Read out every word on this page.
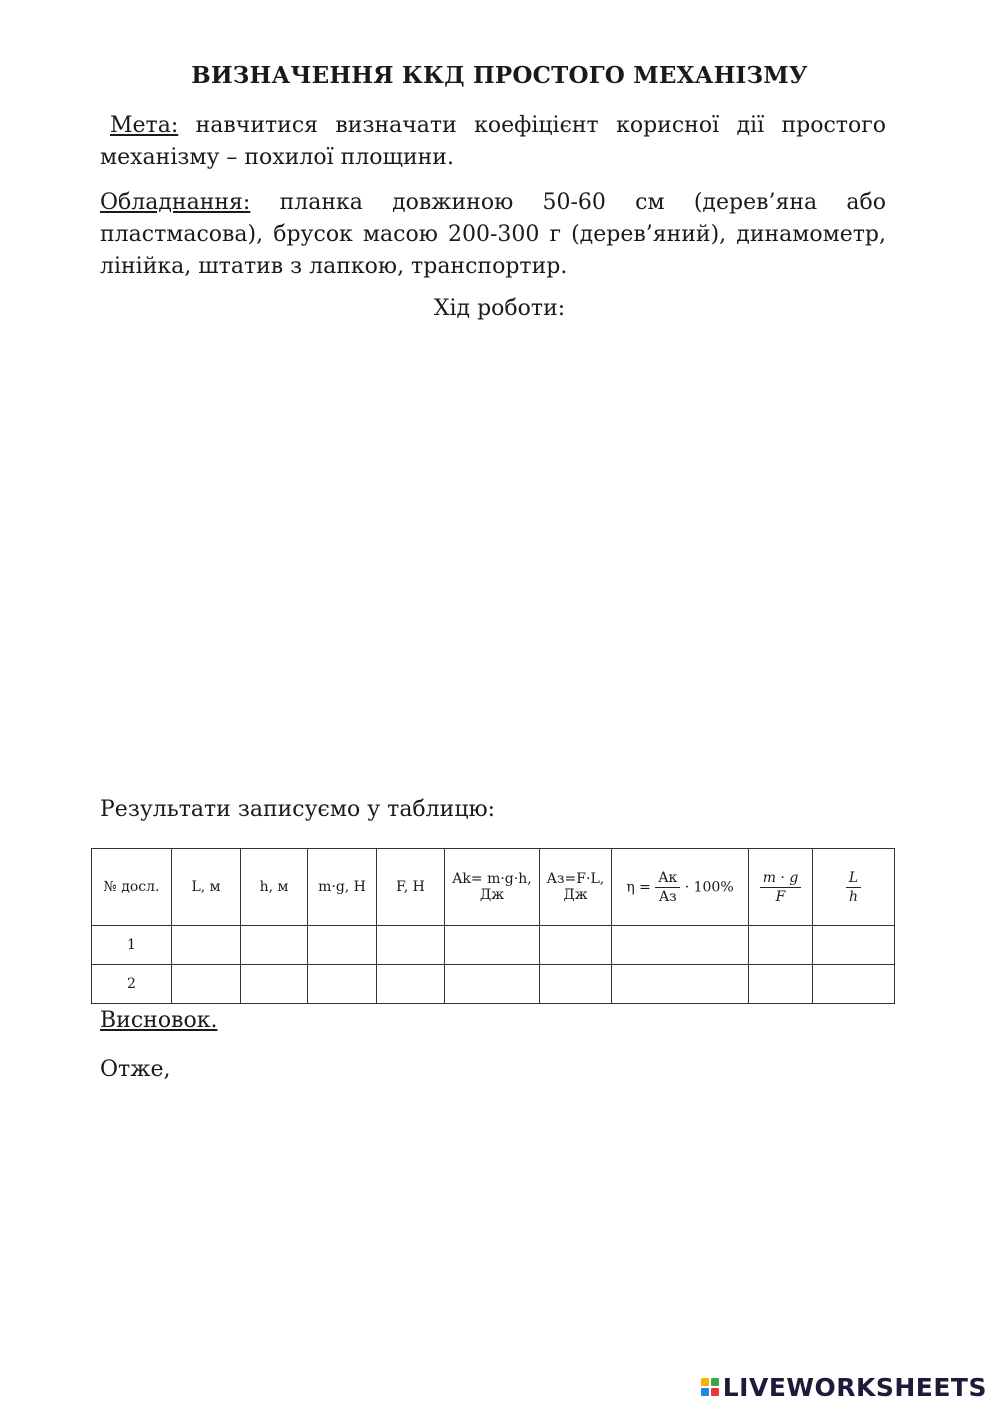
ВИЗНАЧЕННЯ ККД ПРОСТОГО МЕХАНІЗМУ
Мета: навчитися визначати коефіцієнт корисної дії простого механізму – похилої площини.
Обладнання: планка довжиною 50-60 см (дерев’яна або пластмасова), брусок масою 200-300 г (дерев’яний), динамометр, лінійка, штатив з лапкою, транспортир.
Хід роботи:
Результати записуємо у таблицю:
№ досл.	L, м	h, м	m·g, Н	F, Н	Ak= m·g·h, Дж	Aз=F·L, Дж	$\eta = \frac{Aк}{Aз} \cdot 100\%$	$\frac{m \cdot g}{F}$	$\frac{L}{h}$

1									
2									
Висновок.
Отже,
LIVEWORKSHEETS
